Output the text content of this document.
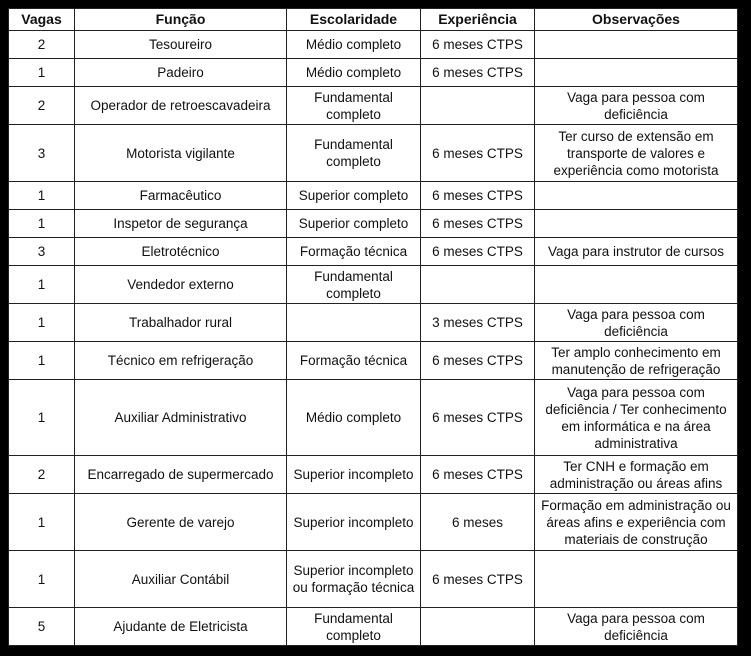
Vagas	Função	Escolaridade	Experiência	Observações
2	Tesoureiro	Médio completo	6 meses CTPS	
1	Padeiro	Médio completo	6 meses CTPS	
2	Operador de retroescavadeira	Fundamental completo		Vaga para pessoa com deficiência
3	Motorista vigilante	Fundamental completo	6 meses CTPS	Ter curso de extensão em transporte de valores e experiência como motorista
1	Farmacêutico	Superior completo	6 meses CTPS	
1	Inspetor de segurança	Superior completo	6 meses CTPS	
3	Eletrotécnico	Formação técnica	6 meses CTPS	Vaga para instrutor de cursos
1	Vendedor externo	Fundamental completo		
1	Trabalhador rural		3 meses CTPS	Vaga para pessoa com deficiência
1	Técnico em refrigeração	Formação técnica	6 meses CTPS	Ter amplo conhecimento em manutenção de refrigeração
1	Auxiliar Administrativo	Médio completo	6 meses CTPS	Vaga para pessoa com deficiência / Ter conhecimento em informática e na área administrativa
2	Encarregado de supermercado	Superior incompleto	6 meses CTPS	Ter CNH e formação em administração ou áreas afins
1	Gerente de varejo	Superior incompleto	6 meses	Formação em administração ou áreas afins e experiência com materiais de construção
1	Auxiliar Contábil	Superior incompleto ou formação técnica	6 meses CTPS	
5	Ajudante de Eletricista	Fundamental completo		Vaga para pessoa com deficiência
